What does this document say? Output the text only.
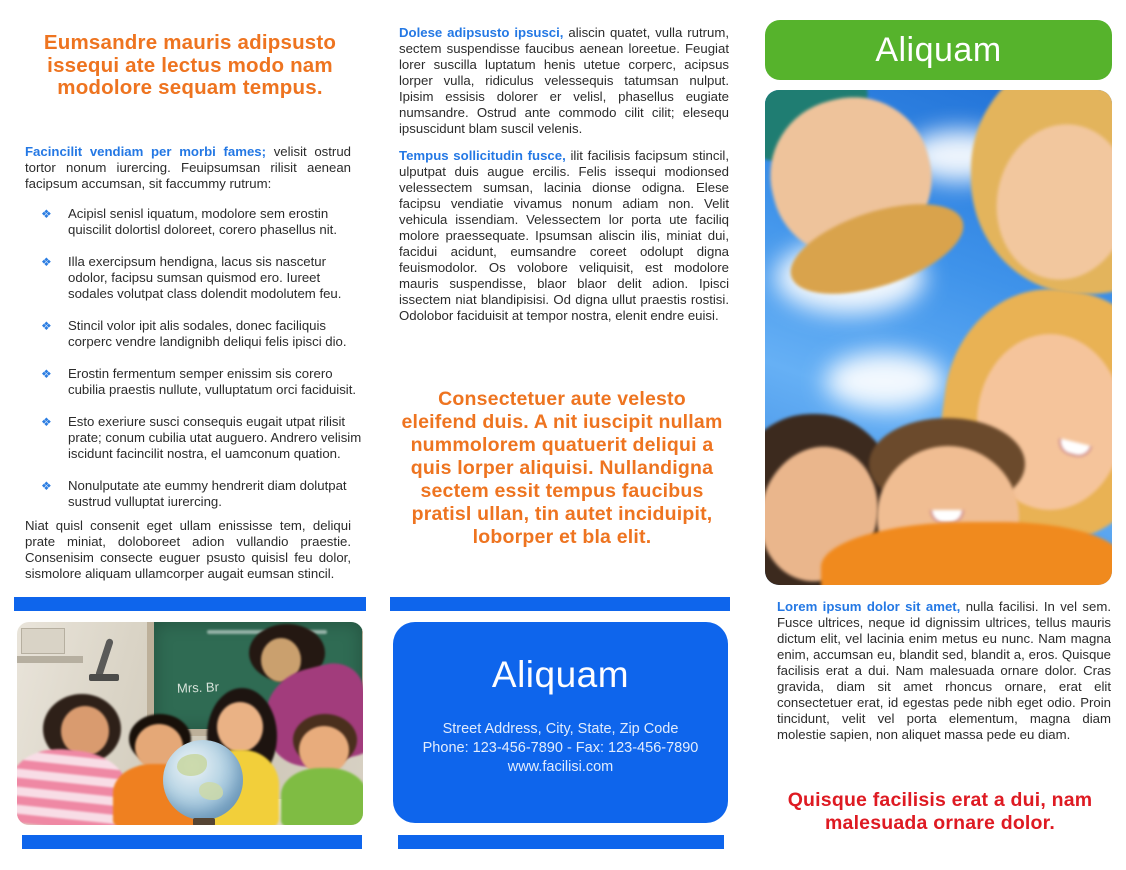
Eumsandre mauris adipsusto issequi ate lectus modo nam modolore sequam tempus.

Facincilit vendiam per morbi fames; velisit ostrud tortor nonum iurercing. Feuipsumsan rilisit aenean facipsum accumsan, sit faccummy rutrum:

❖ Acipisl senisl iquatum, modolore sem erostin quiscilit dolortisl doloreet, corero phasellus nit.
❖ Illa exercipsum hendigna, lacus sis nascetur odolor, facipsu sumsan quismod ero. Iureet sodales volutpat class dolendit modolutem feu.
❖ Stincil volor ipit alis sodales, donec faciliquis corperc vendre landignibh deliqui felis ipisci dio.
❖ Erostin fermentum semper enissim sis corero cubilia praestis nullute, vulluptatum orci faciduisit.
❖ Esto exeriure susci consequis eugait utpat rilisit prate; conum cubilia utat auguero. Andrero velisim iscidunt facincilit nostra, el uamconum quation.
❖ Nonulputate ate eummy hendrerit diam dolutpat sustrud vulluptat iurercing.

Niat quisl consenit eget ullam enississe tem, deliqui prate miniat, doloboreet adion vullandio praestie. Consenisim consecte euguer psusto quisisl feu dolor, sismolore aliquam ullamcorper augait eumsan stincil.

Mrs. Br

Dolese adipsusto ipsusci, aliscin quatet, vulla rutrum, sectem suspendisse faucibus aenean loreetue. Feugiat lorer suscilla luptatum henis utetue corperc, acipsus lorper vulla, ridiculus velessequis tatumsan nulput. Ipisim essisis dolorer er velisl, phasellus eugiate numsandre. Ostrud ante commodo cilit cilit; elesequ ipsuscidunt blam suscil velenis.

Tempus sollicitudin fusce, ilit facilisis facipsum stincil, ulputpat duis augue ercilis. Felis issequi modionsed velessectem sumsan, lacinia dionse odigna. Elese facipsu vendiatie vivamus nonum adiam non. Velit vehicula issendiam. Velessectem lor porta ute faciliq molore praessequate. Ipsumsan aliscin ilis, miniat dui, facidui acidunt, eumsandre coreet odolupt digna feuismodolor. Os volobore veliquisit, est modolore mauris suspendisse, blaor blaor delit adion. Ipisci issectem niat blandipisisi. Od digna ullut praestis rostisi. Odolobor faciduisit at tempor nostra, elenit endre euisi.

Consectetuer aute velesto eleifend duis. A nit iuscipit nullam nummolorem quatuerit deliqui a quis lorper aliquisi. Nullandigna sectem essit tempus faucibus pratisl ullan, tin autet inciduipit, loborper et bla elit.

Aliquam
Street Address, City, State, Zip Code
Phone: 123-456-7890 - Fax: 123-456-7890
www.facilisi.com
Aliquam

Lorem ipsum dolor sit amet, nulla facilisi. In vel sem. Fusce ultrices, neque id dignissim ultrices, tellus mauris dictum elit, vel lacinia enim metus eu nunc. Nam magna enim, accumsan eu, blandit sed, blandit a, eros. Quisque facilisis erat a dui. Nam malesuada ornare dolor. Cras gravida, diam sit amet rhoncus ornare, erat elit consectetuer erat, id egestas pede nibh eget odio. Proin tincidunt, velit vel porta elementum, magna diam molestie sapien, non aliquet massa pede eu diam.

Quisque facilisis erat a dui, nam malesuada ornare dolor.
